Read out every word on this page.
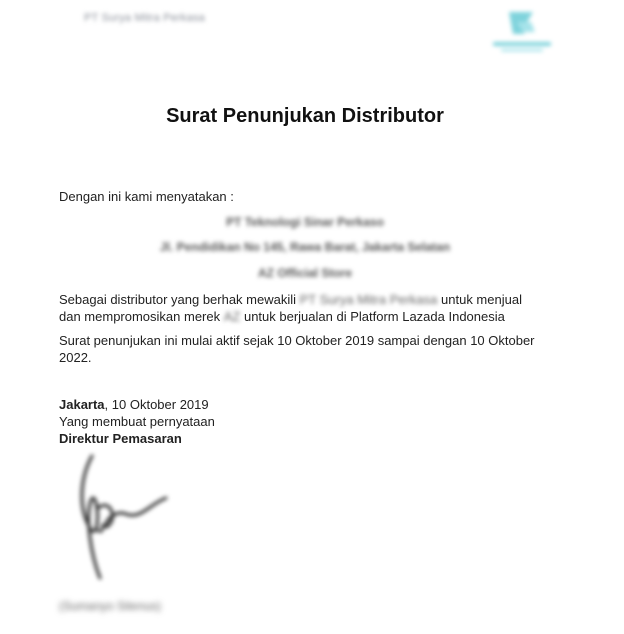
PT Surya Mitra Perkasa
Surat Penunjukan Distributor
Dengan ini kami menyatakan :
PT Teknologi Sinar Perkaso
Jl. Pendidikan No 145, Rawa Barat, Jakarta Selatan
AZ Official Store
Sebagai distributor yang berhak mewakili PT Surya Mitra Perkasa untuk menjual
dan mempromosikan merek AZ untuk berjualan di Platform Lazada Indonesia
Surat penunjukan ini mulai aktif sejak 10 Oktober 2019 sampai dengan 10 Oktober 2022.
Jakarta, 10 Oktober 2019
Yang membuat pernyataan
Direktur Pemasaran
(Sumanyo Sitenus)
